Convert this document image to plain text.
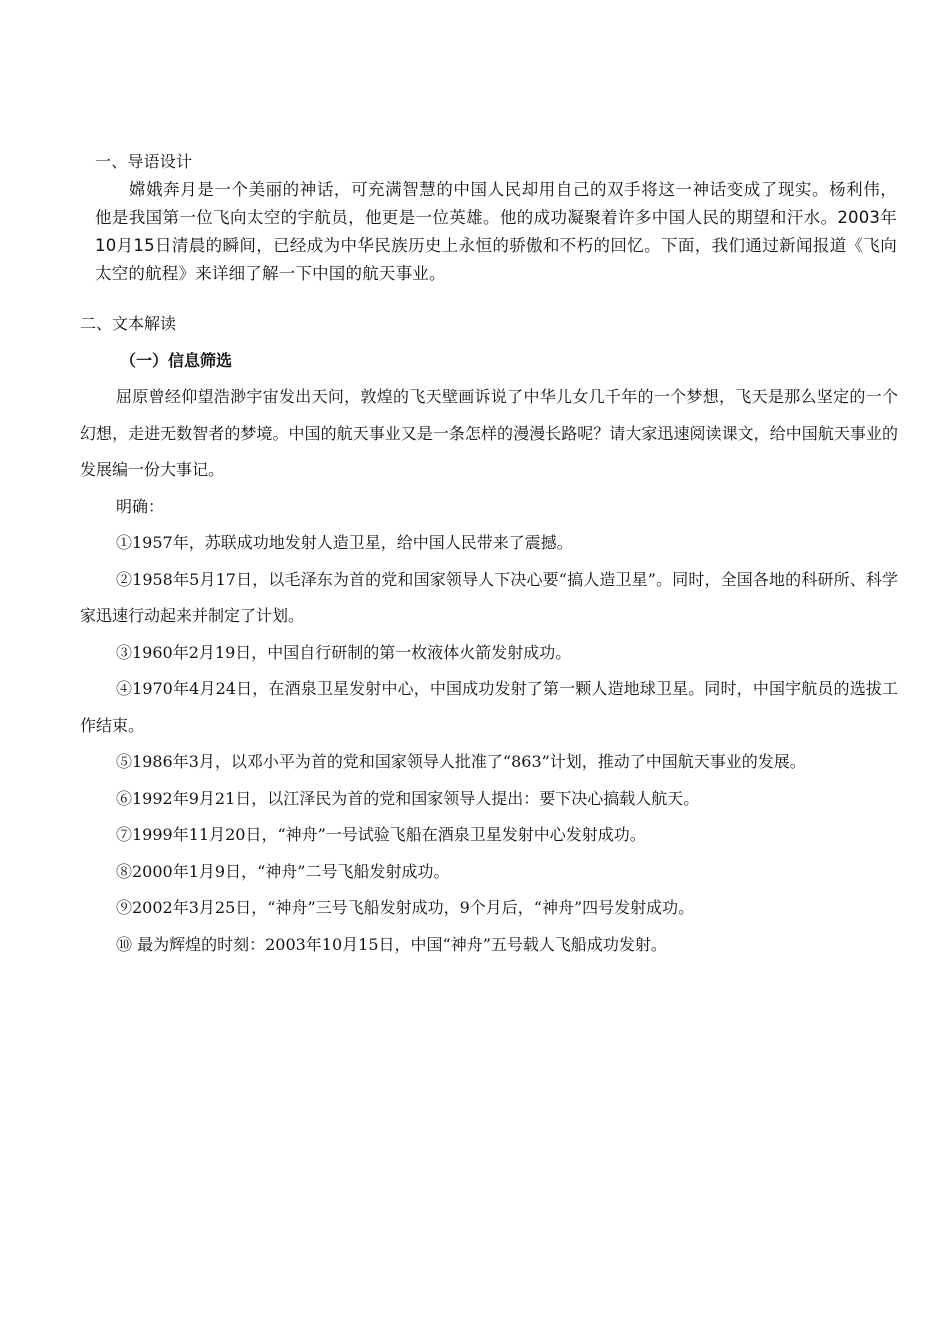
一、导语设计

嫦娥奔月是一个美丽的神话，可充满智慧的中国人民却用自己的双手将这一神话变成了现实。杨利伟，他是我国第一位飞向太空的宇航员，他更是一位英雄。他的成功凝聚着许多中国人民的期望和汗水。2003年10月15日清晨的瞬间，已经成为中华民族历史上永恒的骄傲和不朽的回忆。下面，我们通过新闻报道《飞向太空的航程》来详细了解一下中国的航天事业。

二、文本解读

（一）信息筛选

屈原曾经仰望浩渺宇宙发出天问，敦煌的飞天壁画诉说了中华儿女几千年的一个梦想，飞天是那么坚定的一个幻想，走进无数智者的梦境。中国的航天事业又是一条怎样的漫漫长路呢？请大家迅速阅读课文，给中国航天事业的发展编一份大事记。

明确：

①1957年，苏联成功地发射人造卫星，给中国人民带来了震撼。

②1958年5月17日，以毛泽东为首的党和国家领导人下决心要“搞人造卫星”。同时，全国各地的科研所、科学家迅速行动起来并制定了计划。

③1960年2月19日，中国自行研制的第一枚液体火箭发射成功。

④1970年4月24日，在酒泉卫星发射中心，中国成功发射了第一颗人造地球卫星。同时，中国宇航员的选拔工作结束。

⑤1986年3月，以邓小平为首的党和国家领导人批准了“863”计划，推动了中国航天事业的发展。

⑥1992年9月21日，以江泽民为首的党和国家领导人提出：要下决心搞载人航天。

⑦1999年11月20日，“神舟”一号试验飞船在酒泉卫星发射中心发射成功。

⑧2000年1月9日，“神舟”二号飞船发射成功。

⑨2002年3月25日，“神舟”三号飞船发射成功，9个月后，“神舟”四号发射成功。

⑩ 最为辉煌的时刻：2003年10月15日，中国“神舟”五号载人飞船成功发射。
